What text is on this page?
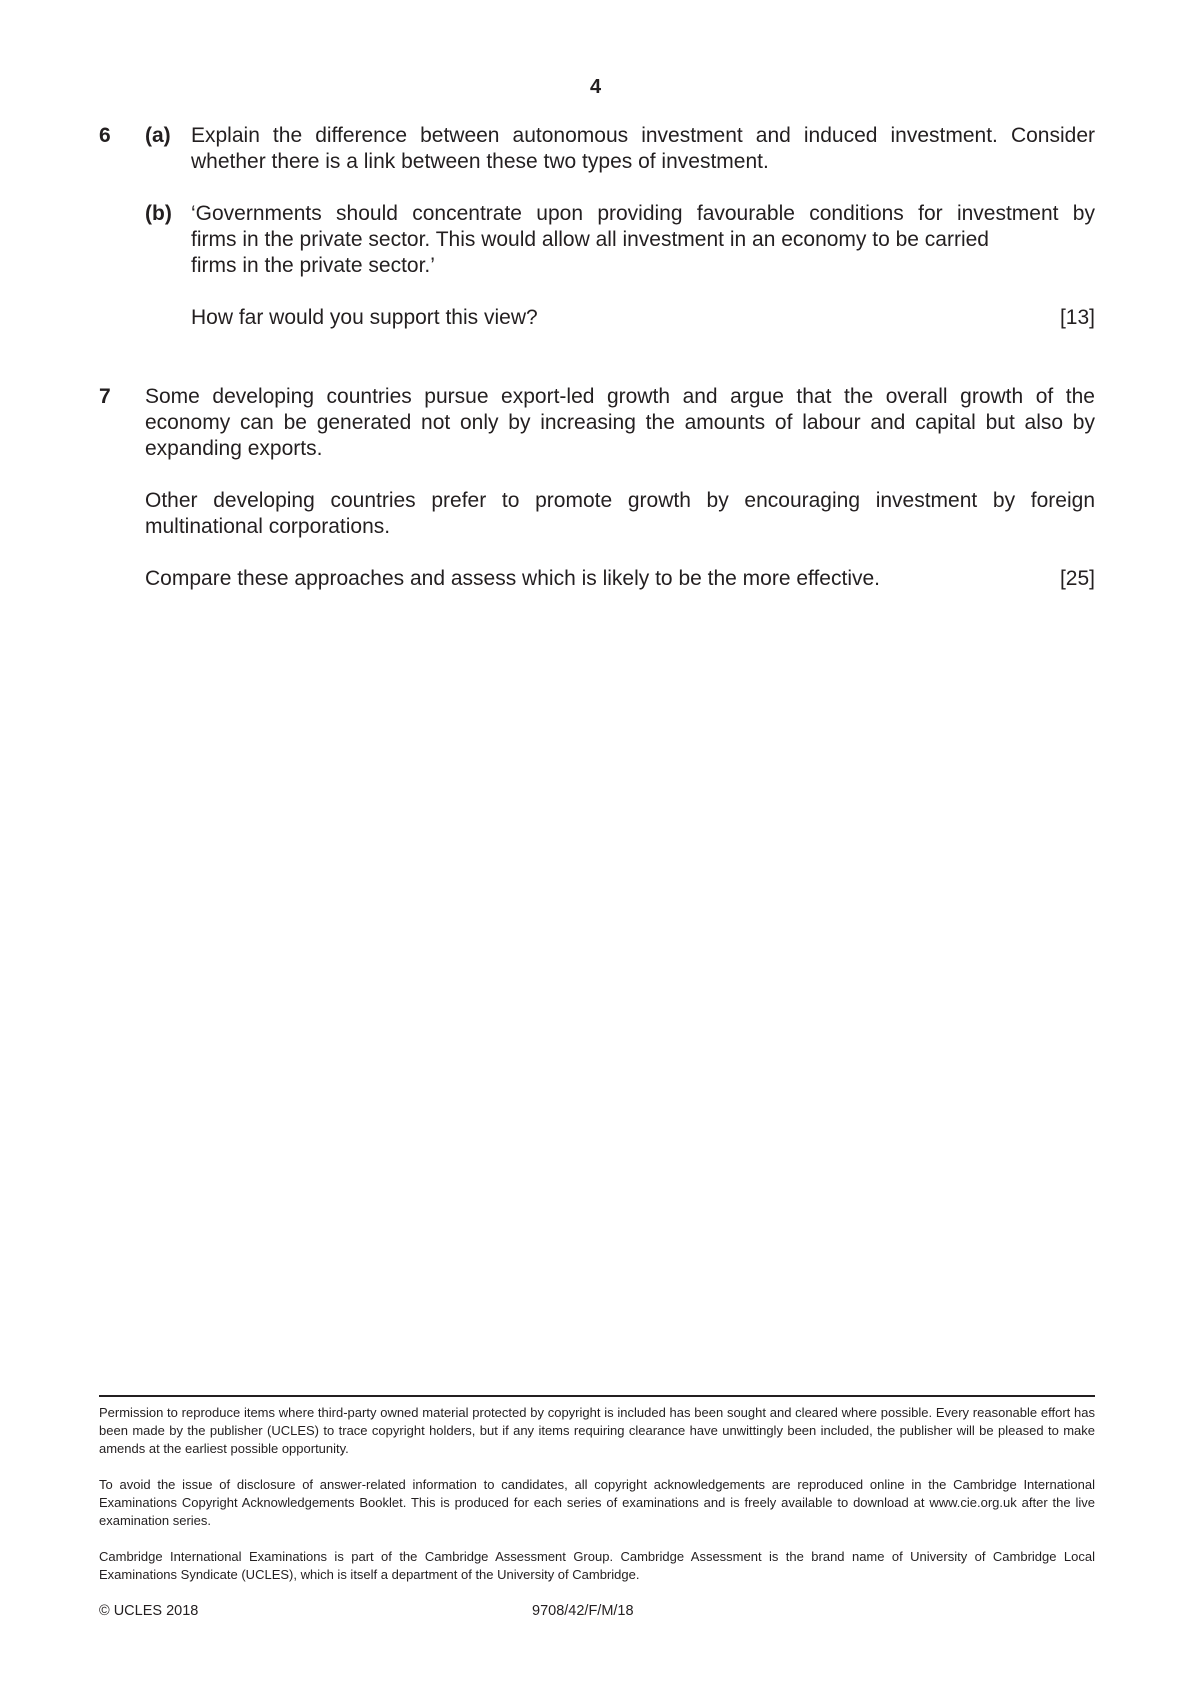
4
6 (a) Explain the difference between autonomous investment and induced investment. Consider whether there is a link between these two types of investment.
(b) ‘Governments should concentrate upon providing favourable conditions for investment by
firms in the private sector. This would allow all investment in an economy to be carried
firms in the private sector.’
How far would you support this view?	[13]
7 Some developing countries pursue export-led growth and argue that the overall growth of the economy can be generated not only by increasing the amounts of labour and capital but also by expanding exports.
Other developing countries prefer to promote growth by encouraging investment by foreign multinational corporations.
Compare these approaches and assess which is likely to be the more effective.	[25]
Permission to reproduce items where third-party owned material protected by copyright is included has been sought and cleared where possible. Every reasonable effort has been made by the publisher (UCLES) to trace copyright holders, but if any items requiring clearance have unwittingly been included, the publisher will be pleased to make amends at the earliest possible opportunity.
To avoid the issue of disclosure of answer-related information to candidates, all copyright acknowledgements are reproduced online in the Cambridge International Examinations Copyright Acknowledgements Booklet. This is produced for each series of examinations and is freely available to download at www.cie.org.uk after the live examination series.
Cambridge International Examinations is part of the Cambridge Assessment Group. Cambridge Assessment is the brand name of University of Cambridge Local Examinations Syndicate (UCLES), which is itself a department of the University of Cambridge.
© UCLES 2018	9708/42/F/M/18
